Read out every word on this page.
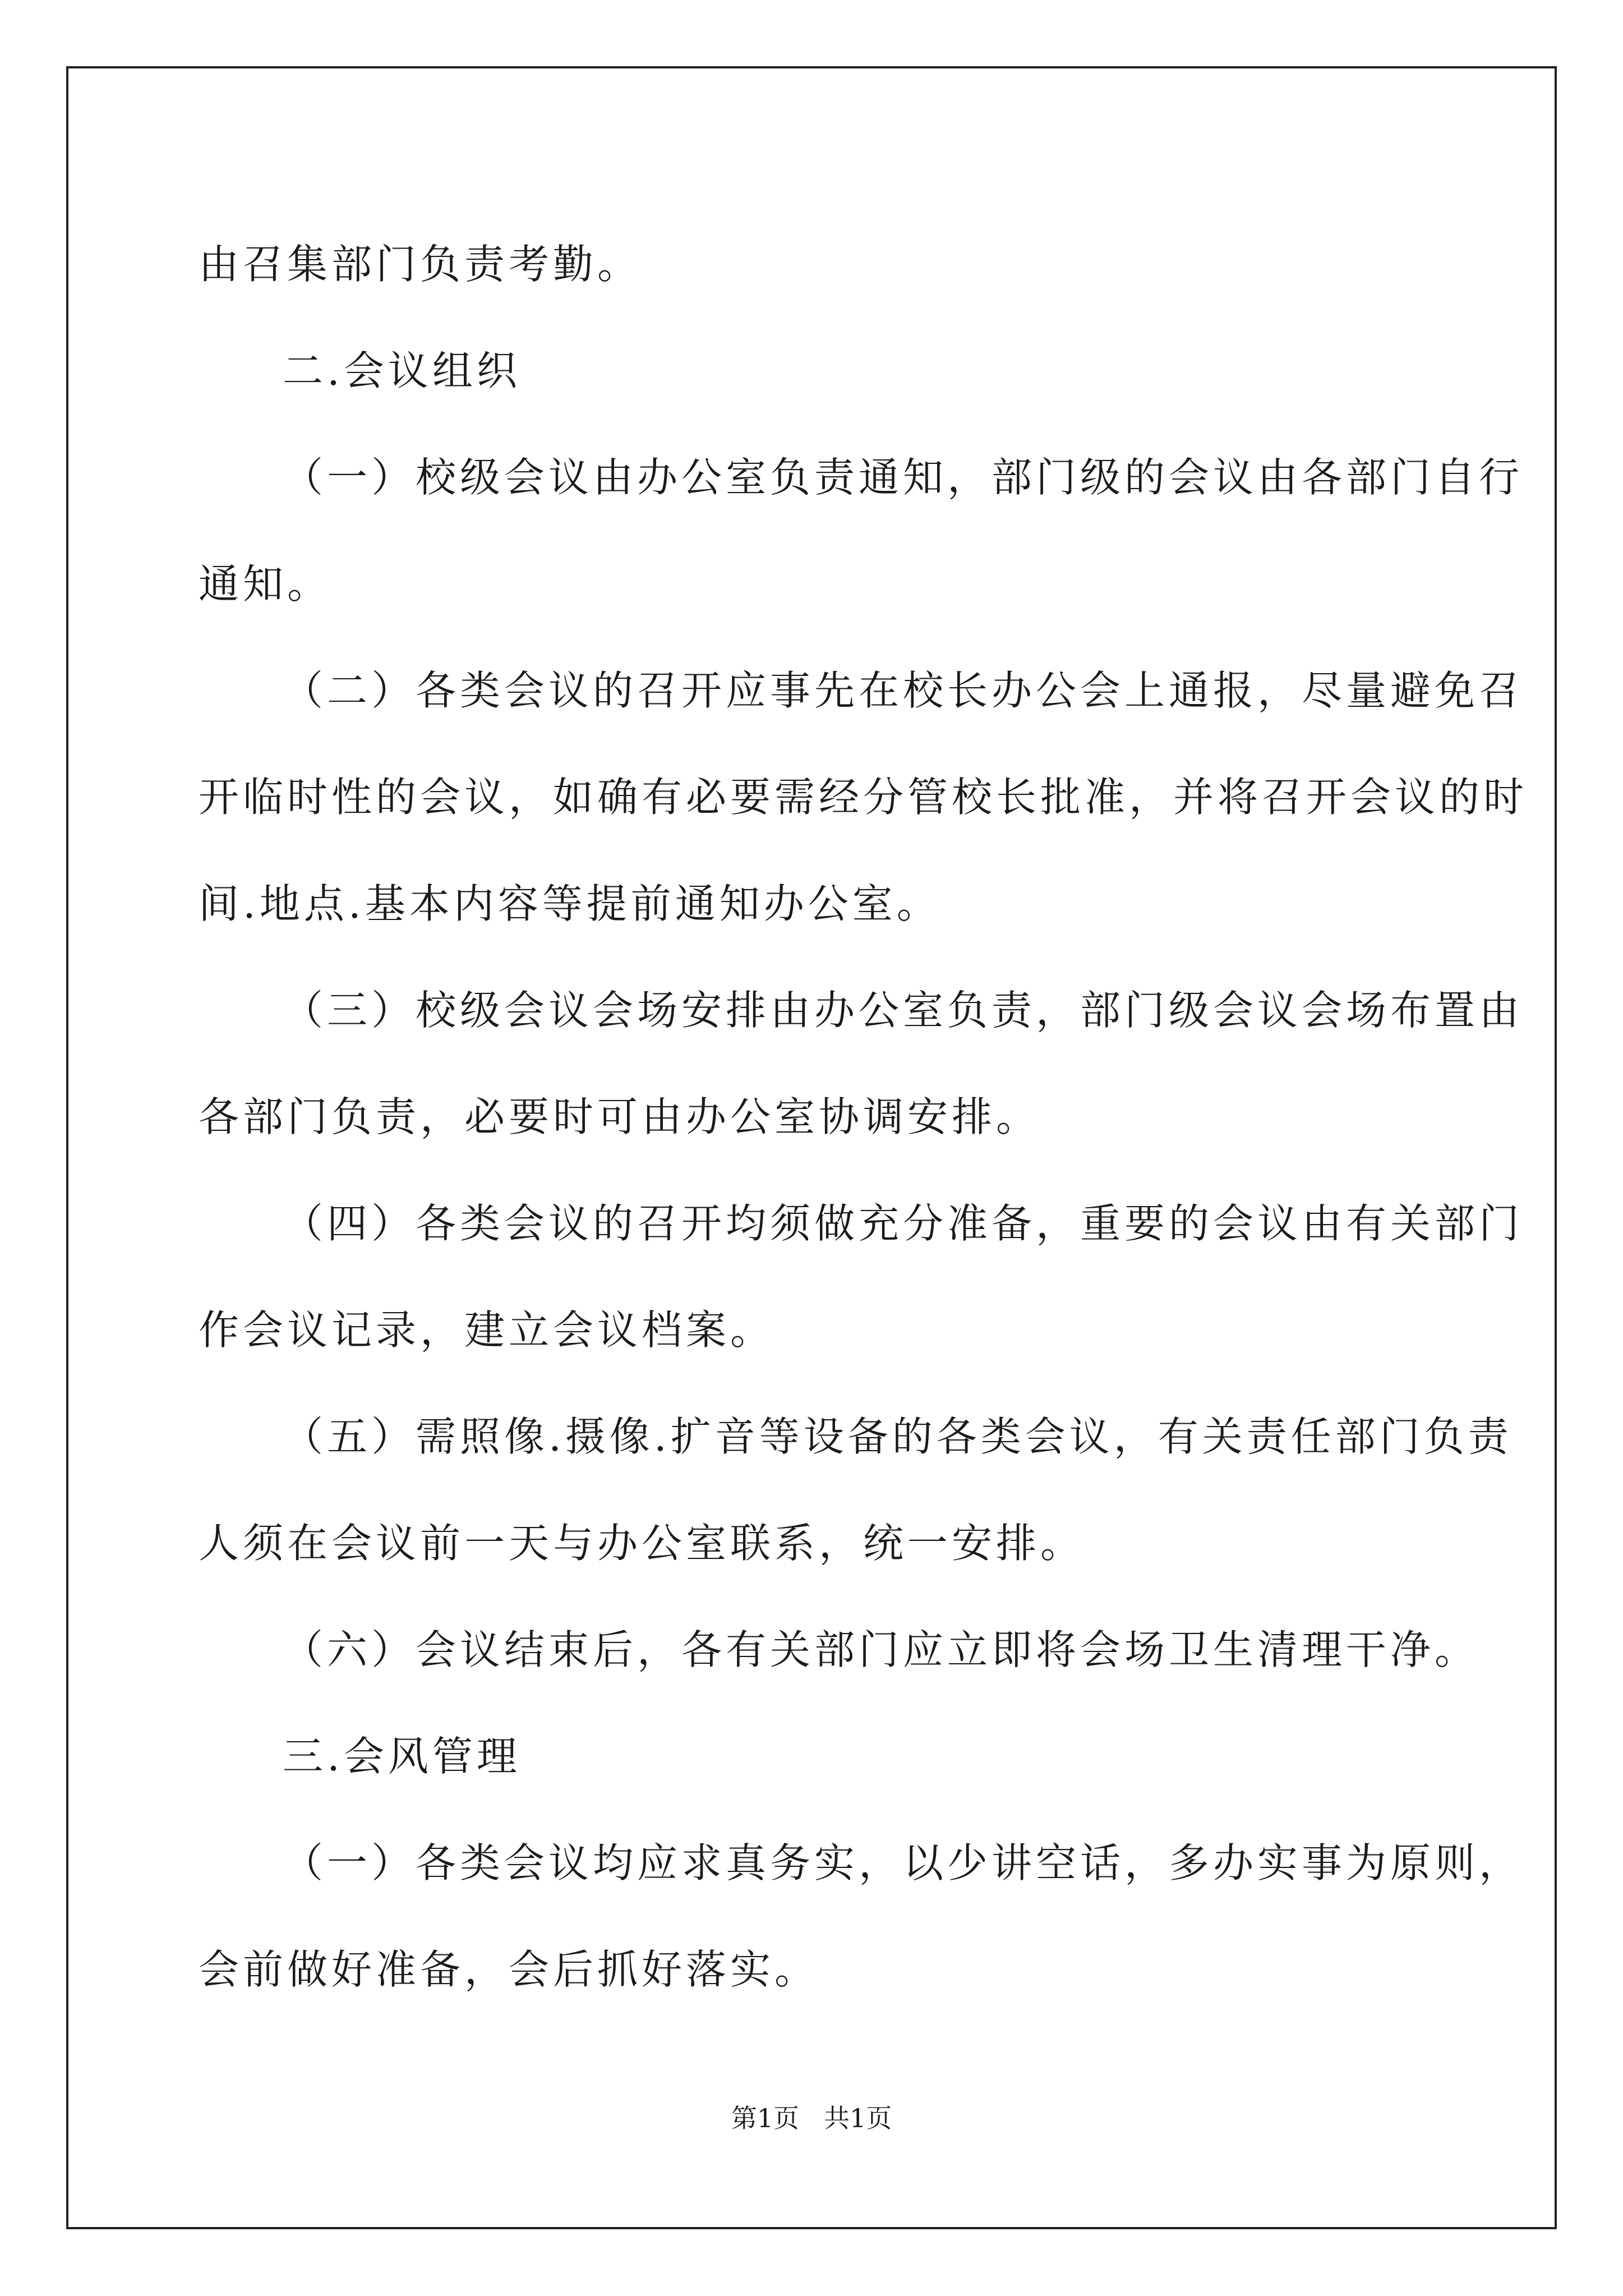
由召集部门负责考勤。

二.会议组织

（一）校级会议由办公室负责通知，部门级的会议由各部门自行

通知。

（二）各类会议的召开应事先在校长办公会上通报，尽量避免召

开临时性的会议，如确有必要需经分管校长批准，并将召开会议的时

间.地点.基本内容等提前通知办公室。

（三）校级会议会场安排由办公室负责，部门级会议会场布置由

各部门负责，必要时可由办公室协调安排。

（四）各类会议的召开均须做充分准备，重要的会议由有关部门

作会议记录，建立会议档案。

（五）需照像.摄像.扩音等设备的各类会议，有关责任部门负责

人须在会议前一天与办公室联系，统一安排。

（六）会议结束后，各有关部门应立即将会场卫生清理干净。

三.会风管理

（一）各类会议均应求真务实，以少讲空话，多办实事为原则，

会前做好准备，会后抓好落实。

第1页 共1页
